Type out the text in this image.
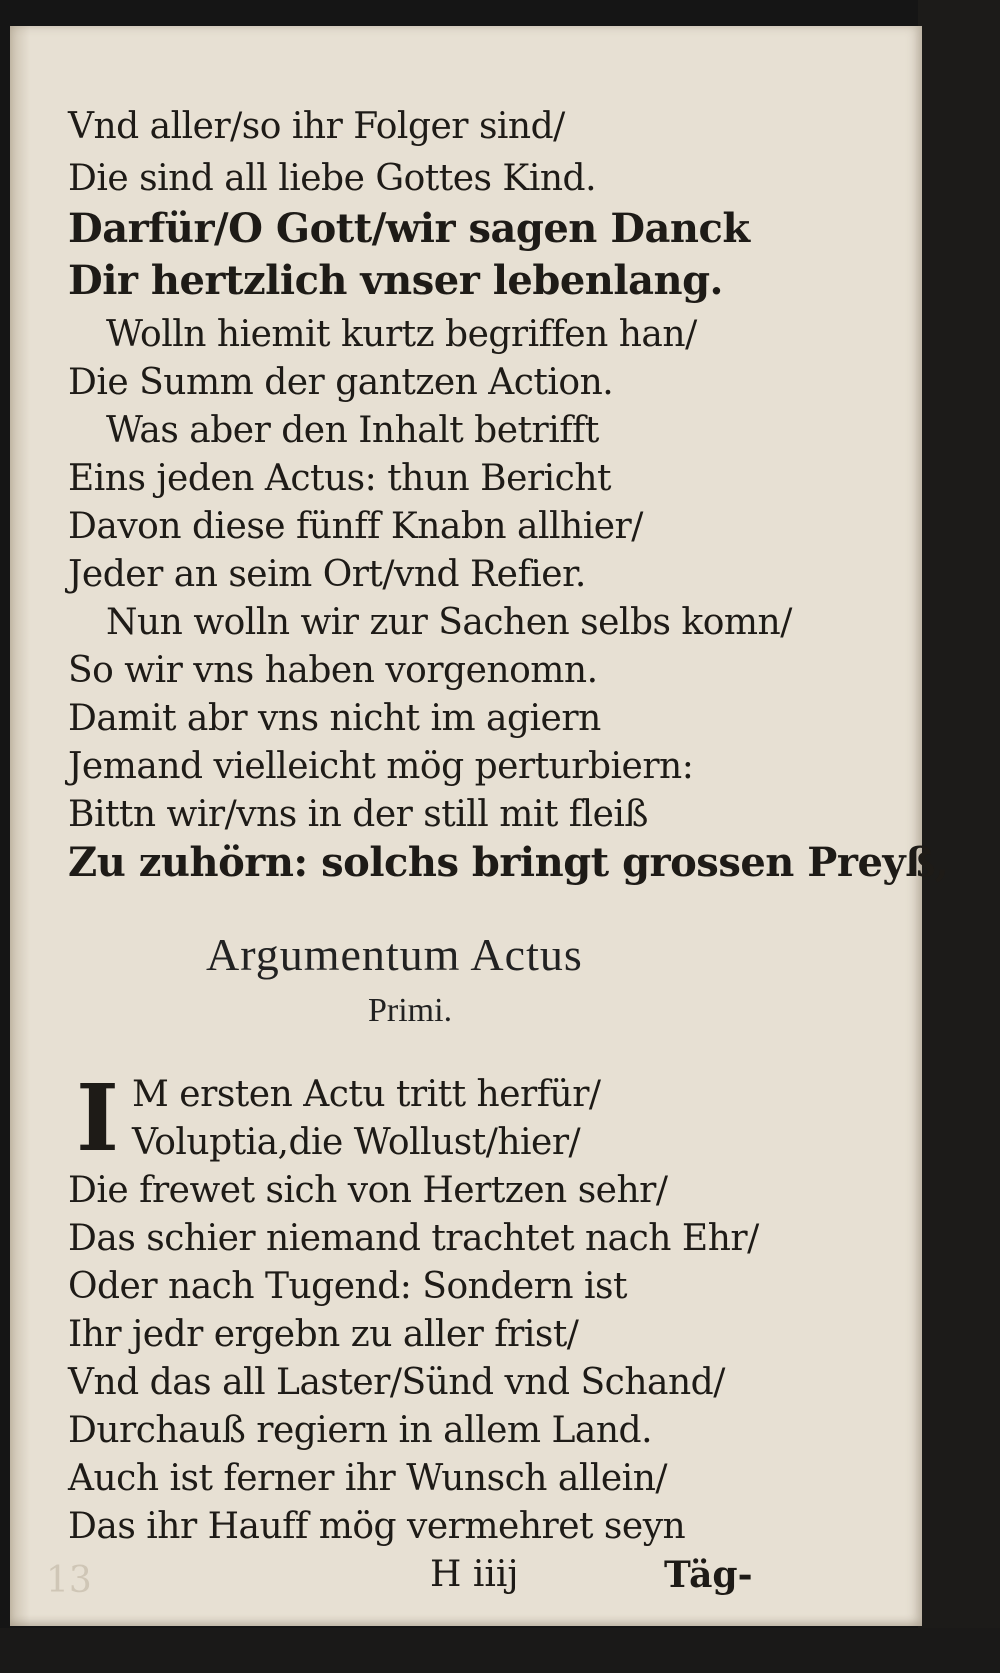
Vnd aller/so ihr Folger sind/
Die sind all liebe Gottes Kind.
Darfür/O Gott/wir sagen Danck
Dir hertzlich vnser lebenlang.
Wolln hiemit kurtz begriffen han/
Die Summ der gantzen Action.
Was aber den Inhalt betrifft
Eins jeden Actus: thun Bericht
Davon diese fünff Knabn allhier/
Jeder an seim Ort/vnd Refier.
Nun wolln wir zur Sachen selbs komn/
So wir vns haben vorgenomn.
Damit abr vns nicht im agiern
Jemand vielleicht mög perturbiern:
Bittn wir/vns in der still mit fleiß
Zu zuhörn: solchs bringt grossen Preyß,
Argumentum Actus
Primi.
I M ersten Actu tritt herfür/
Voluptia,die Wollust/hier/
Die frewet sich von Hertzen sehr/
Das schier niemand trachtet nach Ehr/
Oder nach Tugend: Sondern ist
Ihr jedr ergebn zu aller frist/
Vnd das all Laster/Sünd vnd Schand/
Durchauß regiern in allem Land.
Auch ist ferner ihr Wunsch allein/
Das ihr Hauff mög vermehret seyn
13	H iiij	Täg-
